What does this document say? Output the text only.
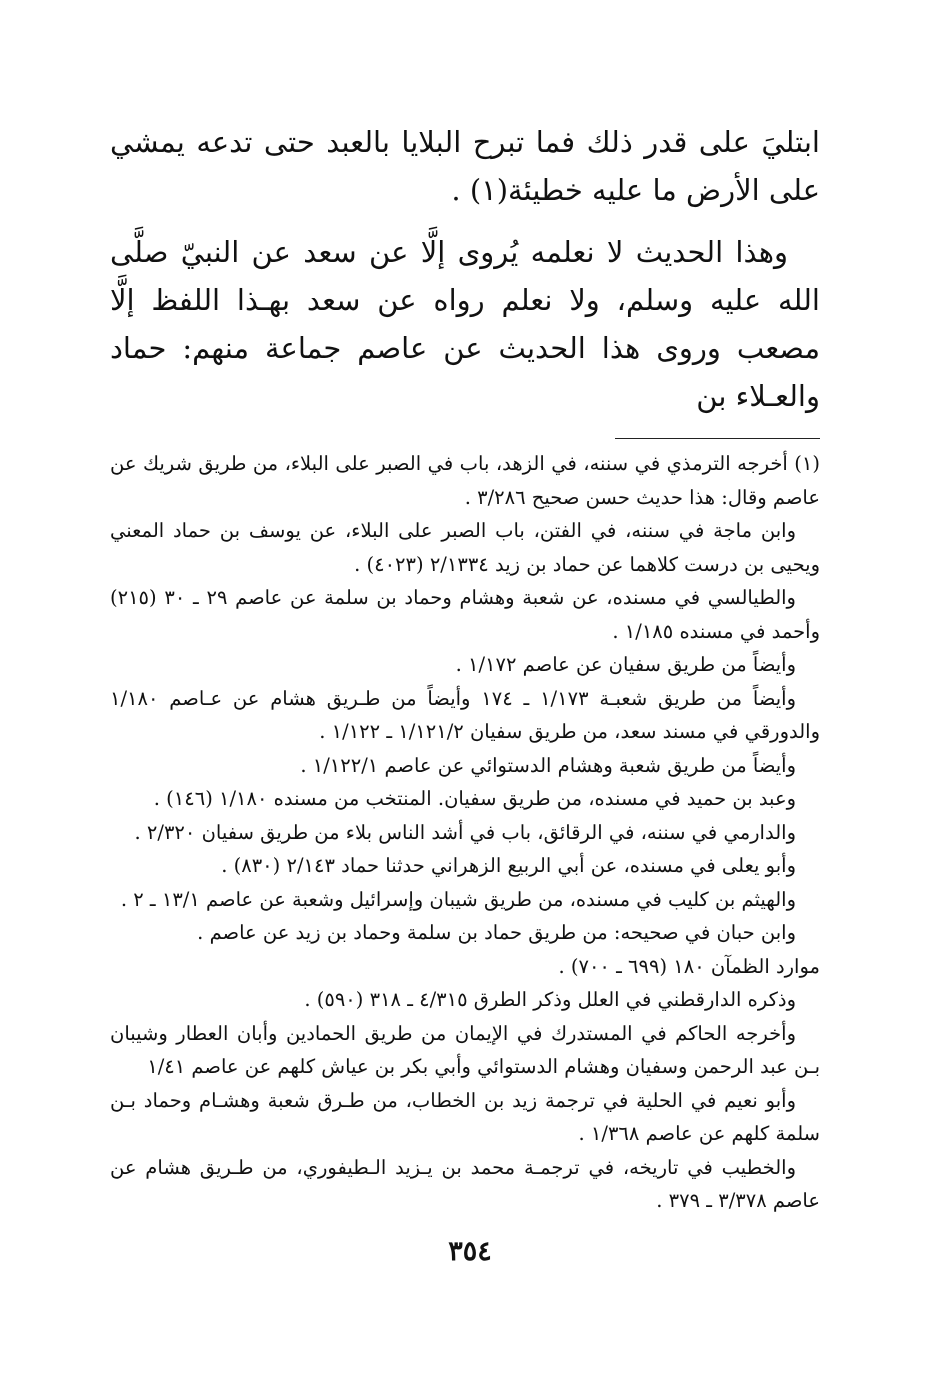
ابتليَ على قدر ذلك فما تبرح البلايا بالعبد حتى تدعه يمشي على الأرض ما عليه خطيئة(١) .

وهذا الحديث لا نعلمه يُروى إلَّا عن سعد عن النبيّ صلَّى الله عليه وسلم، ولا نعلم رواه عن سعد بهـذا اللفظ إلَّا مصعب وروى هذا الحديث عن عاصم جماعة منهم: حماد والعـلاء بن

(١) أخرجه الترمذي في سننه، في الزهد، باب في الصبر على البلاء، من طريق شريك عن عاصم وقال: هذا حديث حسن صحيح ٣/٢٨٦ .

وابن ماجة في سننه، في الفتن، باب الصبر على البلاء، عن يوسف بن حماد المعني ويحيى بن درست كلاهما عن حماد بن زيد ٢/١٣٣٤ (٤٠٢٣) .

والطيالسي في مسنده، عن شعبة وهشام وحماد بن سلمة عن عاصم ٢٩ ـ ٣٠ (٢١٥) وأحمد في مسنده ١/١٨٥ .

وأيضاً من طريق سفيان عن عاصم ١/١٧٢ .

وأيضاً من طريق شعبـة ١/١٧٣ ـ ١٧٤ وأيضاً من طـريق هشام عن عـاصم ١/١٨٠ والدورقي في مسند سعد، من طريق سفيان ١/١٢١/٢ ـ ١/١٢٢ .

وأيضاً من طريق شعبة وهشام الدستوائي عن عاصم ١/١٢٢/١ .

وعبد بن حميد في مسنده، من طريق سفيان. المنتخب من مسنده ١/١٨٠ (١٤٦) .

والدارمي في سننه، في الرقائق، باب في أشد الناس بلاء من طريق سفيان ٢/٣٢٠ .

وأبو يعلى في مسنده، عن أبي الربيع الزهراني حدثنا حماد ٢/١٤٣ (٨٣٠) .

والهيثم بن كليب في مسنده، من طريق شيبان وإسرائيل وشعبة عن عاصم ١٣/١ ـ ٢ .

وابن حبان في صحيحه: من طريق حماد بن سلمة وحماد بن زيد عن عاصم .

موارد الظمآن ١٨٠ (٦٩٩ ـ ٧٠٠) .

وذكره الدارقطني في العلل وذكر الطرق ٤/٣١٥ ـ ٣١٨ (٥٩٠) .

وأخرجه الحاكم في المستدرك في الإيمان من طريق الحمادين وأبان العطار وشيبان بـن عبد الرحمن وسفيان وهشام الدستوائي وأبي بكر بن عياش كلهم عن عاصم ١/٤١

وأبو نعيم في الحلية في ترجمة زيد بن الخطاب، من طـرق شعبة وهشـام وحماد بـن سلمة كلهم عن عاصم ١/٣٦٨ .

والخطيب في تاريخه، في ترجمـة محمد بن يـزيد الـطيفوري، من طـريق هشام عن عاصم ٣/٣٧٨ ـ ٣٧٩ .

٣٥٤
